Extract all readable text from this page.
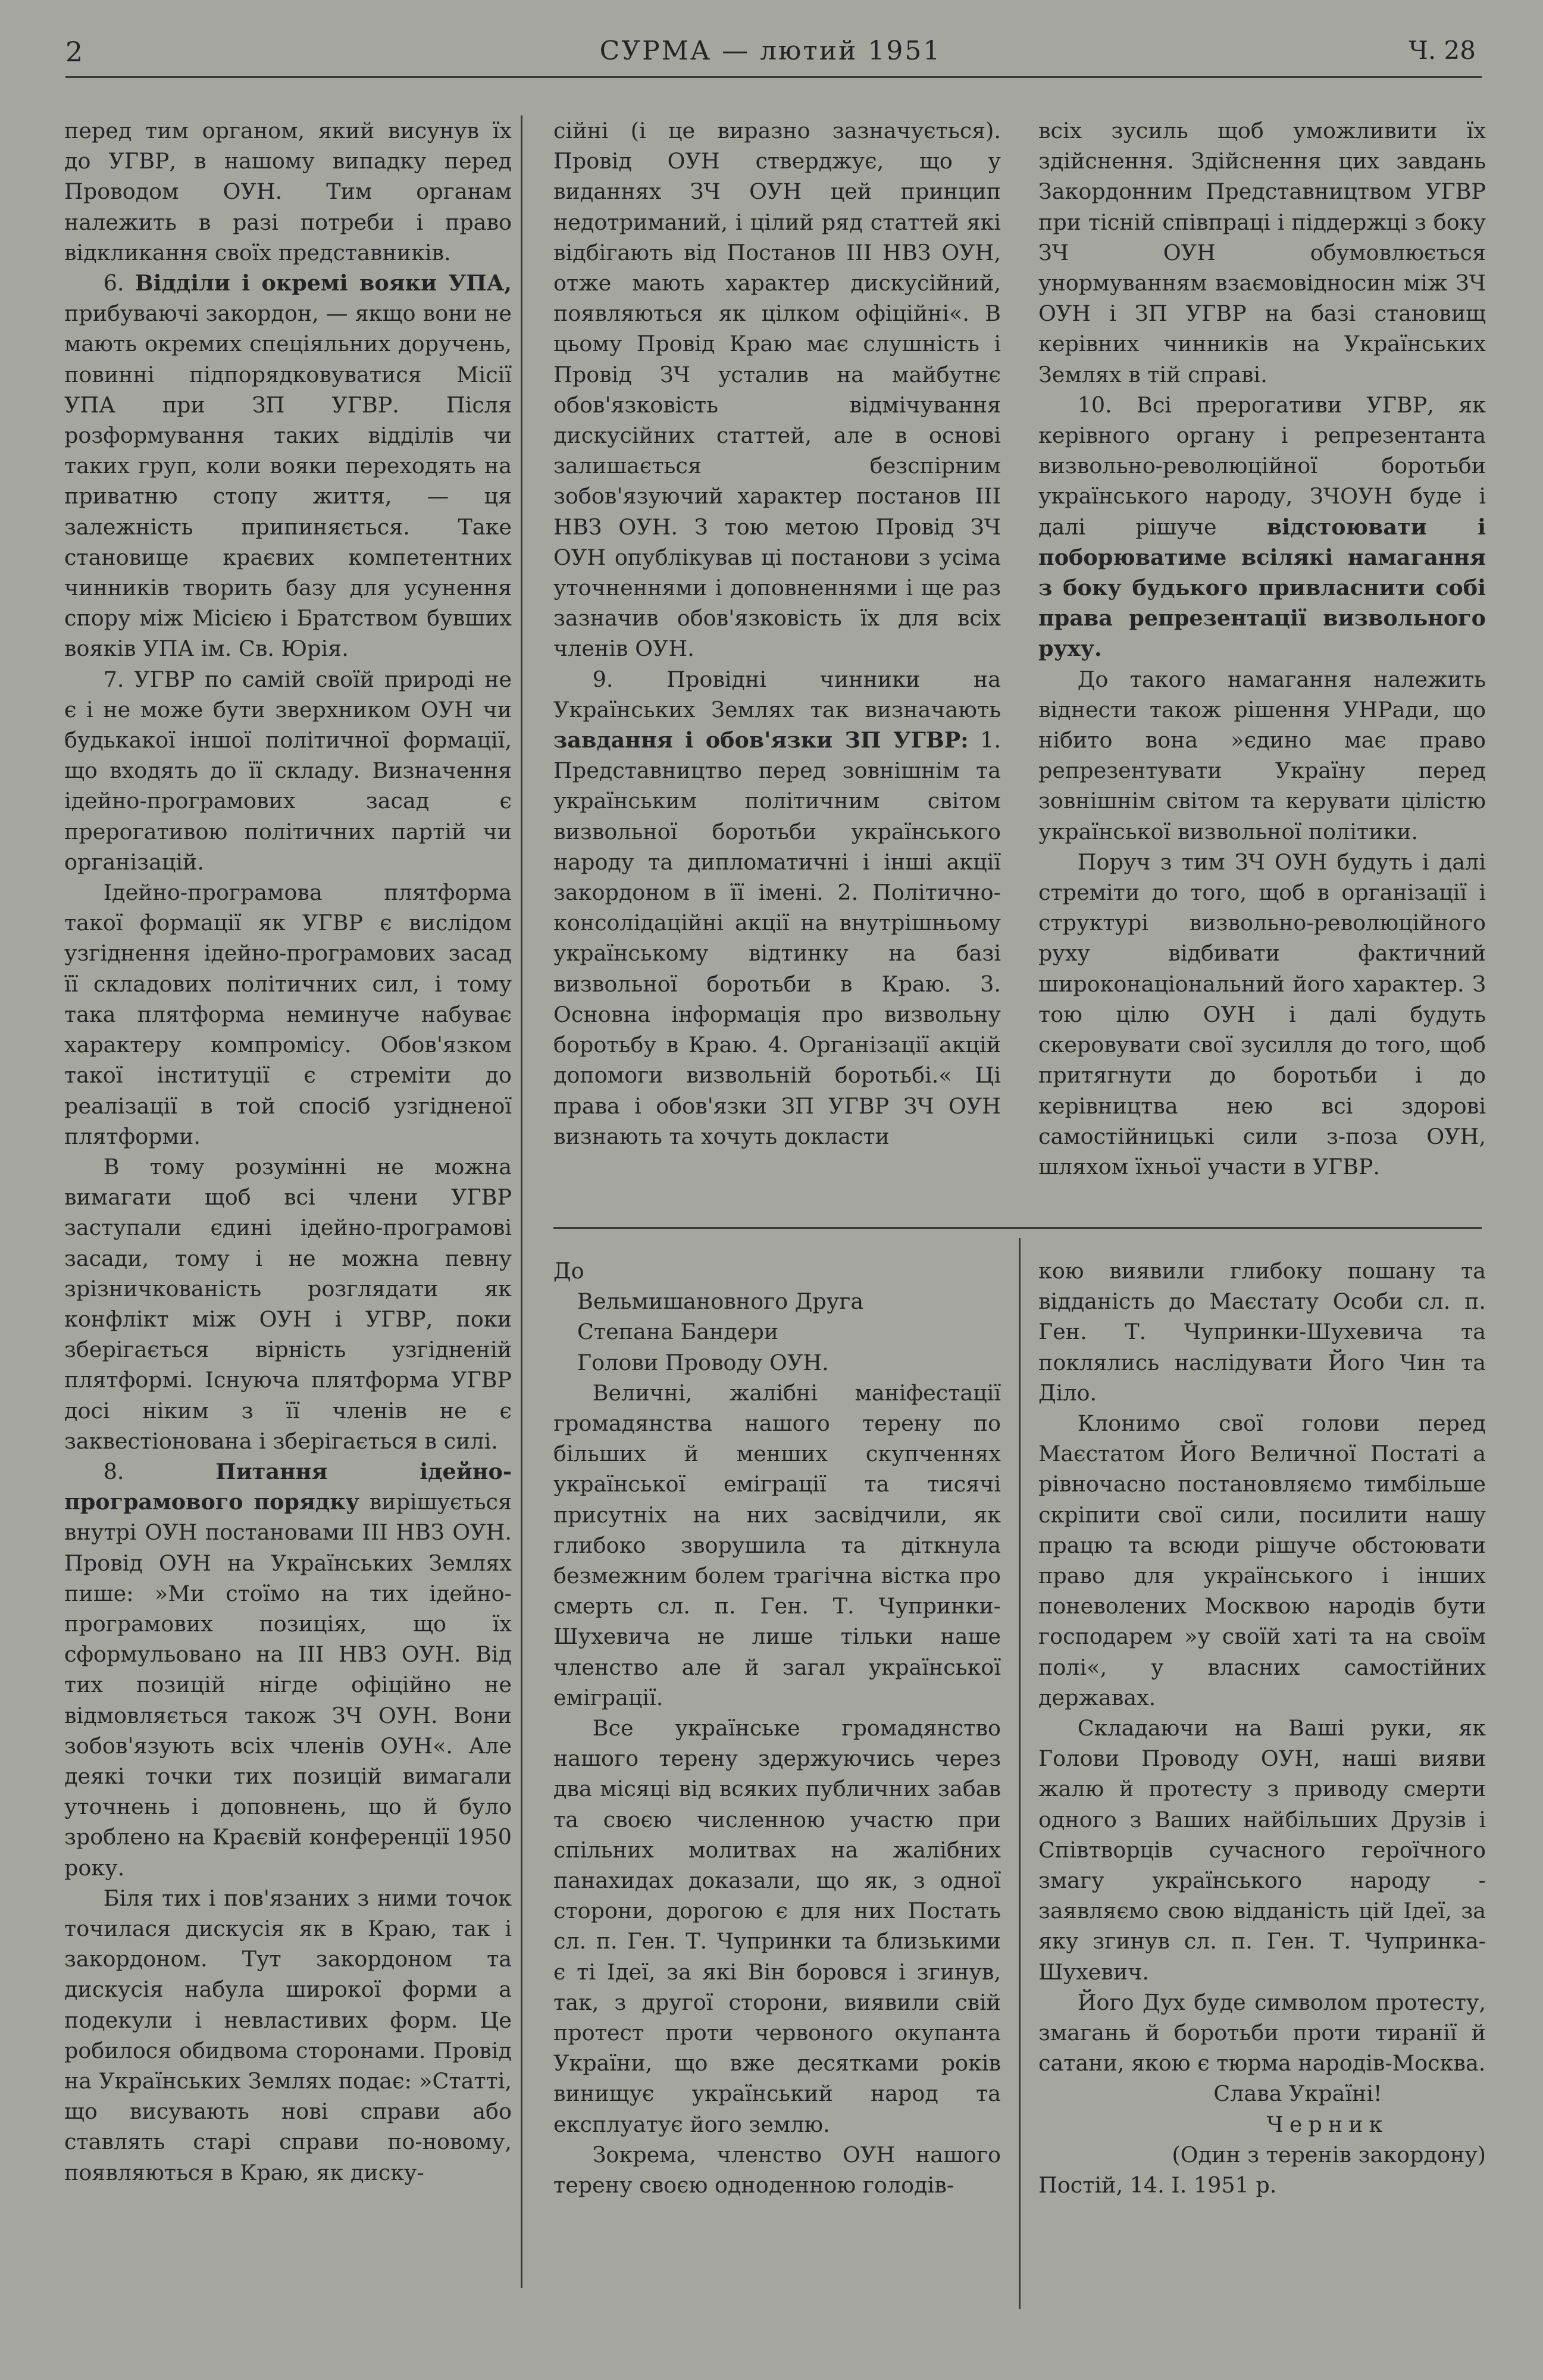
2	СУРМА — лютий 1951	Ч. 28

перед тим органом, який висунув їх до УГВР, в нашому випадку перед Проводом ОУН. Тим органам належить в разі потреби і право відкликання своїх представників.

6. Відділи і окремі вояки УПА, прибуваючі закордон, — якщо вони не мають окремих спеціяльних доручень, повинні підпорядковуватися Місії УПА при ЗП УГВР. Після розформування таких відділів чи таких груп, коли вояки переходять на приватню стопу життя, — ця залежність припиняється. Таке становище краєвих компетентних чинників творить базу для усунення спору між Місією і Братством бувших вояків УПА ім. Св. Юрія.

7. УГВР по самій своїй природі не є і не може бути зверхником ОУН чи будькакої іншої політичної формації, що входять до її складу. Визначення ідейно-програмових засад є прерогативою політичних партій чи організацій.

Ідейно-програмова плятформа такої формації як УГВР є вислідом узгіднення ідейно-програмових засад її складових політичних сил, і тому така плятформа неминуче набуває характеру компромісу. Обов'язком такої інституції є стреміти до реалізації в той спосіб узгідненої плятформи.

В тому розумінні не можна вимагати щоб всі члени УГВР заступали єдині ідейно-програмові засади, тому і не можна певну зрізничкованість розглядати як конфлікт між ОУН і УГВР, поки зберігається вірність узгідненій плятформі. Існуюча плятформа УГВР досі ніким з її членів не є заквестіонована і зберігається в силі.

8.	Питання ідейно-програмового порядку вирішується внутрі ОУН постановами III НВЗ ОУН. Провід ОУН на Українських Землях пише: »Ми стоїмо на тих ідейно-програмових позиціях, що їх сформульовано на III НВЗ ОУН. Від тих позицій нігде офіційно не відмовляється також ЗЧ ОУН. Вони зобов'язують всіх членів ОУН«. Але деякі точки тих позицій вимагали уточнень і доповнень, що й було зроблено на Краєвій конференції 1950 року.

Біля тих і пов'язаних з ними точок точилася дискусія як в Краю, так і закордоном. Тут закордоном та дискусія набула широкої форми а подекули і невластивих форм. Це робилося обидвома сторонами. Провід на Українських Землях подає: »Статті, що висувають нові справи або ставлять старі справи по-новому, появляються в Краю, як диску-

сійні (і це виразно зазначується). Провід ОУН стверджує, що у виданнях ЗЧ ОУН цей принцип недотриманий, і цілий ряд статтей які відбігають від Постанов III НВЗ ОУН, отже мають характер дискусійний, появляються як цілком офіційні«. В цьому Провід Краю має слушність і Провід ЗЧ усталив на майбутнє обов'язковість відмічування дискусійних статтей, але в основі залишається безспірним зобов'язуючий характер постанов III НВЗ ОУН. З тою метою Провід ЗЧ ОУН опублікував ці постанови з усіма уточненнями і доповненнями і ще раз зазначив обов'язковість їх для всіх членів ОУН.

9. Провідні чинники на Українських Землях так визначають завдання і обов'язки ЗП УГВР: 1. Представництво перед зовнішнім та українським політичним світом визвольної боротьби українського народу та дипломатичні і інші акції закордоном в її імені. 2. Політично-консолідаційні акції на внутрішньому українському відтинку на базі визвольної боротьби в Краю. 3. Основна інформація про визвольну боротьбу в Краю. 4. Організації акцій допомоги визвольній боротьбі.« Ці права і обов'язки ЗП УГВР ЗЧ ОУН визнають та хочуть докласти

всіх зусиль щоб уможливити їх здійснення. Здійснення цих завдань Закордонним Представництвом УГВР при тісній співпраці і піддержці з боку ЗЧ ОУН обумовлюється унормуванням взаємовідносин між ЗЧ ОУН і ЗП УГВР на базі становищ керівних чинників на Українських Землях в тій справі.

10. Всі прерогативи УГВР, як керівного органу і репрезентанта визвольно-революційної боротьби українського народу, ЗЧОУН буде і далі рішуче відстоювати і поборюватиме всілякі намагання з боку будького привласнити собі права репрезентації визвольного руху.

До такого намагання належить віднести також рішення УНРади, що нібито вона »єдино має право репрезентувати Україну перед зовнішнім світом та керувати цілістю української визвольної політики.

Поруч з тим ЗЧ ОУН будуть і далі стреміти до того, щоб в організації і структурі визвольно-революційного руху відбивати фактичний широконаціональний його характер. З тою цілю ОУН і далі будуть скеровувати свої зусилля до того, щоб притягнути до боротьби і до керівництва нею всі здорові самостійницькі сили з-поза ОУН, шляхом їхньої участи в УГВР.

До

Вельмишановного Друга

Степана Бандери

Голови Проводу ОУН.

Величні, жалібні маніфестації громадянства нашого терену по більших й менших скупченнях української еміграції та тисячі присутніх на них засвідчили, як глибоко зворушила та діткнула безмежним болем трагічна вістка про смерть сл. п. Ген. Т. Чупринки-Шухевича не лише тільки наше членство але й загал української еміграції.

Все українське громадянство нашого терену здержуючись через два місяці від всяких публичних забав та своєю численною участю при спільних молитвах на жалібних панахидах доказали, що як, з одної сторони, дорогою є для них Постать сл. п. Ген. Т. Чупринки та близькими є ті Ідеї, за які Він боровся і згинув, так, з другої сторони, виявили свій протест проти червоного окупанта України, що вже десятками років винищує український народ та експлуатує його землю.

Зокрема, членство ОУН нашого терену своєю одноденною голодів-

кою виявили глибоку пошану та відданість до Маєстату Особи сл. п. Ген. Т. Чупринки-Шухевича та поклялись наслідувати Його Чин та Діло.

Клонимо свої голови перед Маєстатом Його Величної Постаті а рівночасно постановляємо тимбільше скріпити свої сили, посилити нашу працю та всюди рішуче обстоювати право для українського і інших поневолених Москвою народів бути господарем »у своїй хаті та на своїм полі«, у власних самостійних державах.

Складаючи на Ваші руки, як Голови Проводу ОУН, наші вияви жалю й протесту з приводу смерти одного з Ваших найбільших Друзів і Співтворців сучасного героїчного змагу українського народу - заявляємо свою відданість цій Ідеї, за яку згинув сл. п. Ген. Т. Чупринка-Шухевич.

Його Дух буде символом протесту, змагань й боротьби проти тиранії й сатани, якою є тюрма народів-Москва.

Слава Україні!

Черник

(Один з теренів закордону)

Постій, 14. I. 1951 р.
